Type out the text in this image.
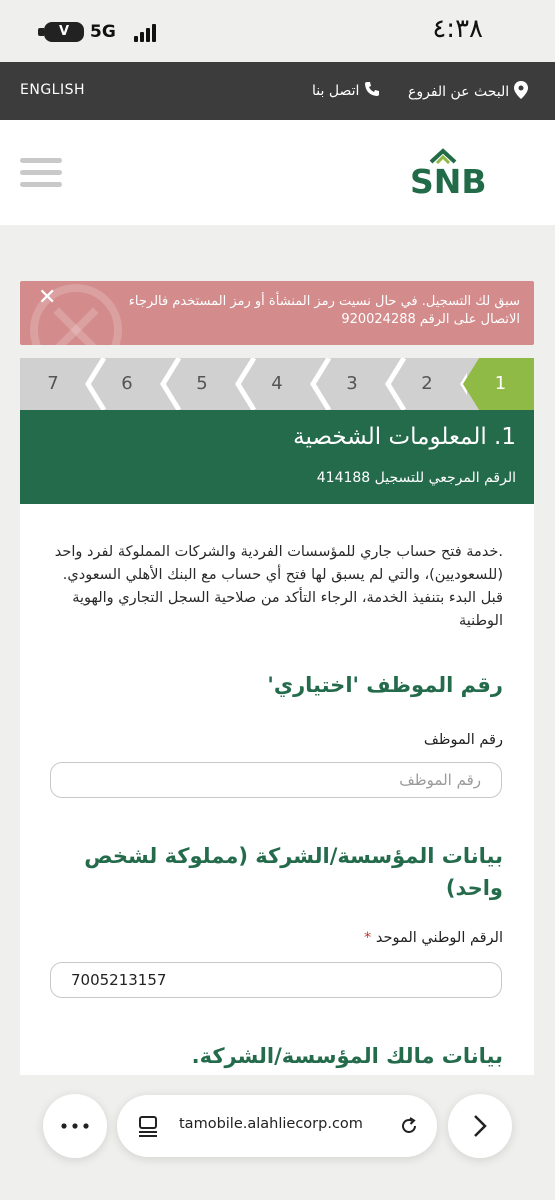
V	5G	٤:٣٨
ENGLISH	اتصل بنا	البحث عن الفروع
SNB
✕	سبق لك التسجيل. في حال نسيت رمز المنشأة أو رمز المستخدم فالرجاء الاتصال على الرقم 920024288
7	6	5	4	3	2	1
1. المعلومات الشخصية
الرقم المرجعي للتسجيل 414188
.خدمة فتح حساب جاري للمؤسسات الفردية والشركات المملوكة لفرد واحد (للسعوديين)، والتي لم يسبق لها فتح أي حساب مع البنك الأهلي السعودي. قبل البدء بتنفيذ الخدمة، الرجاء التأكد من صلاحية السجل التجاري والهوية الوطنية
رقم الموظف 'اختياري'
رقم الموظف
رقم الموظف
بيانات المؤسسة/الشركة (مملوكة لشخص واحد)
الرقم الوطني الموحد *
7005213157
بيانات مالك المؤسسة/الشركة.
tamobile.alahliecorp.com
